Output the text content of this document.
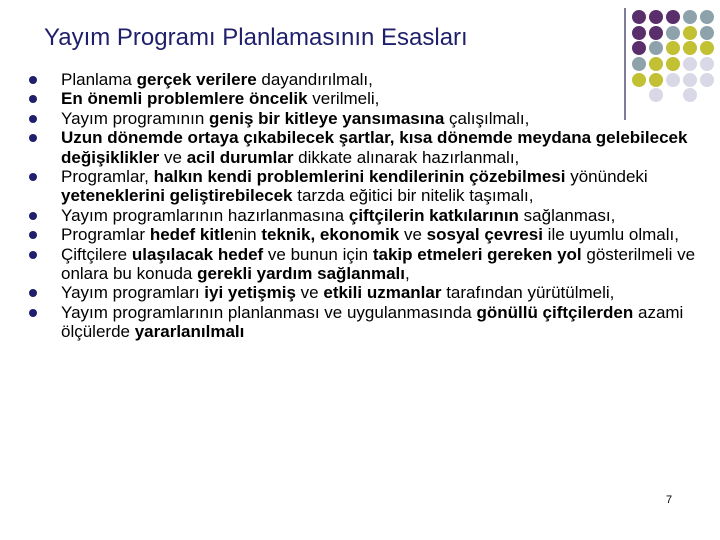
Yayım Programı Planlamasının Esasları
Planlama gerçek verilere dayandırılmalı,
En önemli problemlere öncelik verilmeli,
Yayım programının geniş bir kitleye yansımasına çalışılmalı,
Uzun dönemde ortaya çıkabilecek şartlar, kısa dönemde meydana gelebilecek değişiklikler ve acil durumlar dikkate alınarak hazırlanmalı,
Programlar, halkın kendi problemlerini kendilerinin çözebilmesi yönündeki yeteneklerini geliştirebilecek tarzda eğitici bir nitelik taşımalı,
Yayım programlarının hazırlanmasına çiftçilerin katkılarının sağlanması,
Programlar hedef kitlenin teknik, ekonomik ve sosyal çevresi ile uyumlu olmalı,
Çiftçilere ulaşılacak hedef ve bunun için takip etmeleri gereken yol gösterilmeli ve onlara bu konuda gerekli yardım sağlanmalı,
Yayım programları iyi yetişmiş ve etkili uzmanlar tarafından yürütülmeli,
Yayım programlarının planlanması ve uygulanmasında gönüllü çiftçilerden azami ölçülerde yararlanılmalı
7
